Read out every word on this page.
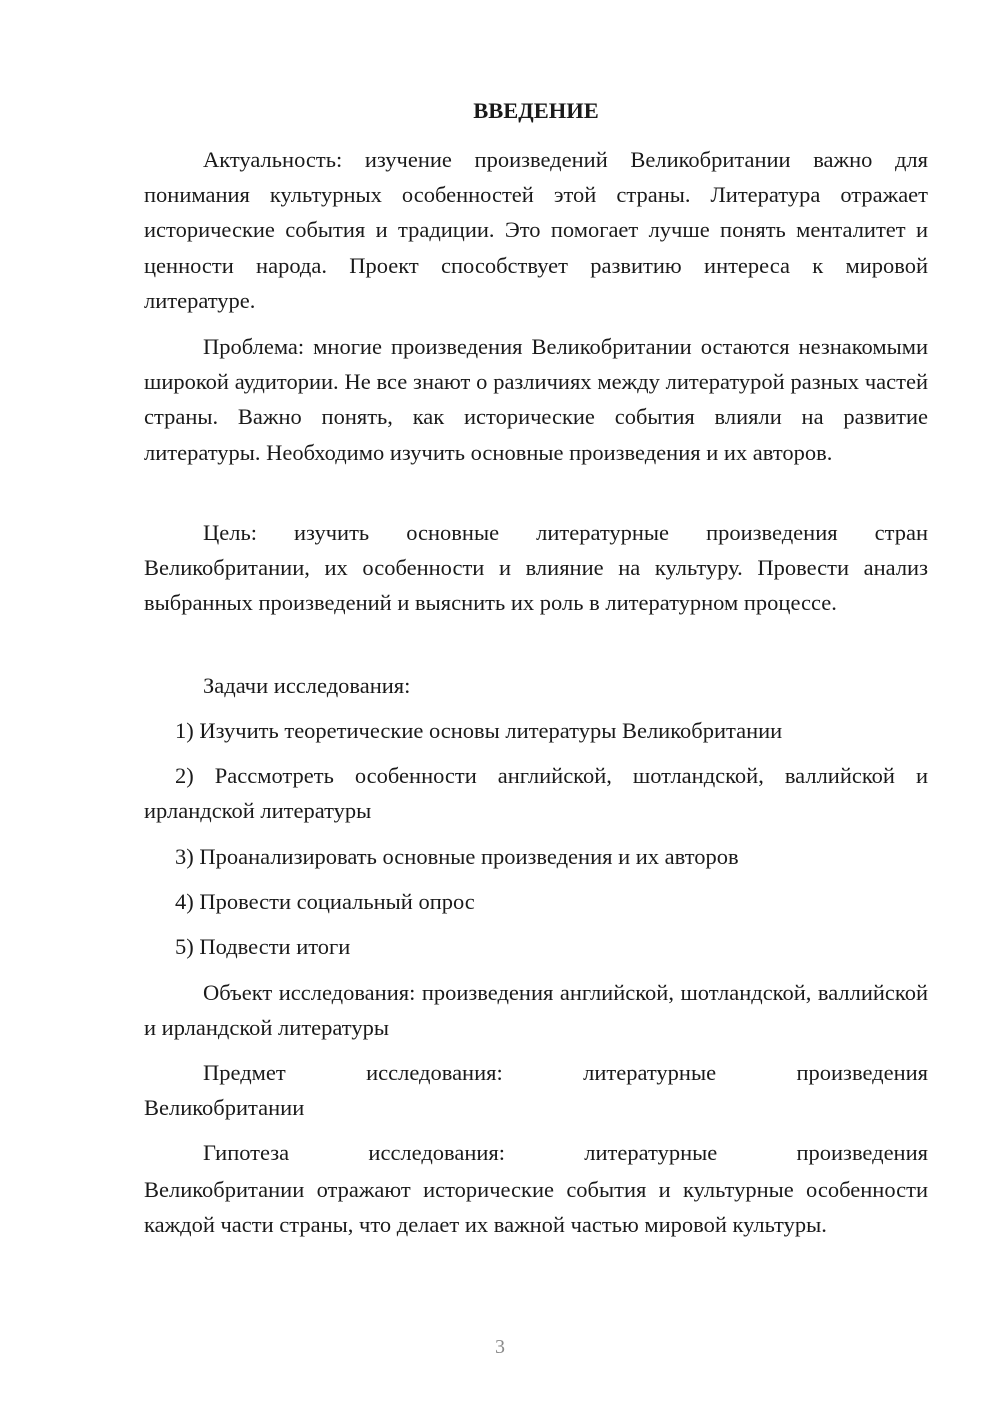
ВВЕДЕНИЕ
Актуальность: изучение произведений Великобритании важно для понимания культурных особенностей этой страны. Литература отражает исторические события и традиции. Это помогает лучше понять менталитет и ценности народа. Проект способствует развитию интереса к мировой литературе.
Проблема: многие произведения Великобритании остаются незнакомыми широкой аудитории. Не все знают о различиях между литературой разных частей страны. Важно понять, как исторические события влияли на развитие литературы. Необходимо изучить основные произведения и их авторов.
Цель: изучить основные литературные произведения стран Великобритании, их особенности и влияние на культуру. Провести анализ выбранных произведений и выяснить их роль в литературном процессе.
Задачи исследования:
1) Изучить теоретические основы литературы Великобритании
2) Рассмотреть особенности английской, шотландской, валлийской и ирландской литературы
3) Проанализировать основные произведения и их авторов
4) Провести социальный опрос
5) Подвести итоги
Объект исследования: произведения английской, шотландской, валлийской и ирландской литературы
Предмет исследования: литературные произведения
Великобритании
Гипотеза исследования: литературные произведения
Великобритании отражают исторические события и культурные особенности каждой части страны, что делает их важной частью мировой культуры.
3
